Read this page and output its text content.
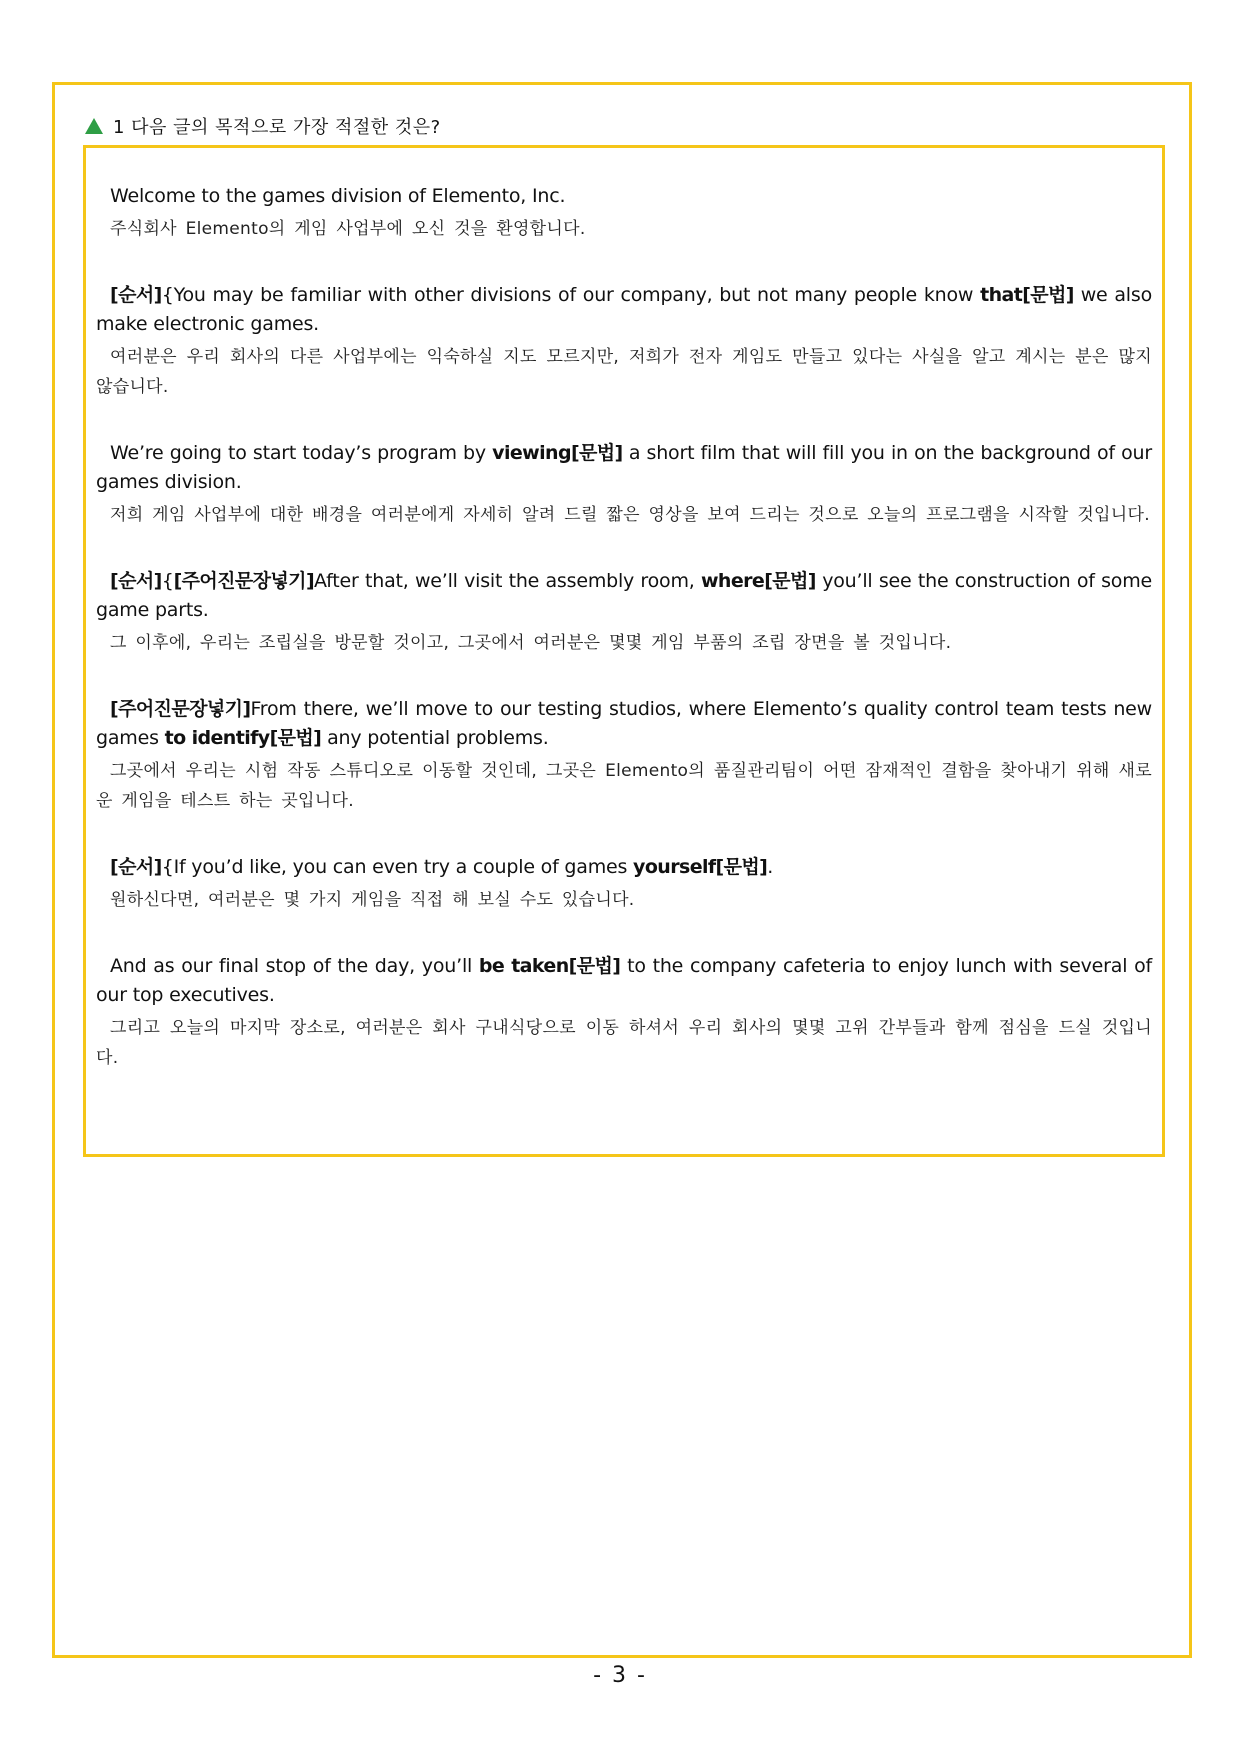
1 다음 글의 목적으로 가장 적절한 것은?

Welcome to the games division of Elemento, Inc.

주식회사 Elemento의 게임 사업부에 오신 것을 환영합니다.

[순서]{You may be familiar with other divisions of our company, but not many people know that[문법] we also make electronic games.

여러분은 우리 회사의 다른 사업부에는 익숙하실 지도 모르지만, 저희가 전자 게임도 만들고 있다는 사실을 알고 계시는 분은 많지 않습니다.

We’re going to start today’s program by viewing[문법] a short film that will fill you in on the background of our games division.

저희 게임 사업부에 대한 배경을 여러분에게 자세히 알려 드릴 짧은 영상을 보여 드리는 것으로 오늘의 프로그램을 시작할 것입니다.

[순서]{[주어진문장넣기]After that, we’ll visit the assembly room, where[문법] you’ll see the construction of some game parts.

그 이후에, 우리는 조립실을 방문할 것이고, 그곳에서 여러분은 몇몇 게임 부품의 조립 장면을 볼 것입니다.

[주어진문장넣기]From there, we’ll move to our testing studios, where Elemento’s quality control team tests new games to identify[문법] any potential problems.

그곳에서 우리는 시험 작동 스튜디오로 이동할 것인데, 그곳은 Elemento의 품질관리팀이 어떤 잠재적인 결함을 찾아내기 위해 새로운 게임을 테스트 하는 곳입니다.

[순서]{If you’d like, you can even try a couple of games yourself[문법].

원하신다면, 여러분은 몇 가지 게임을 직접 해 보실 수도 있습니다.

And as our final stop of the day, you’ll be taken[문법] to the company cafeteria to enjoy lunch with several of our top executives.

그리고 오늘의 마지막 장소로, 여러분은 회사 구내식당으로 이동 하셔서 우리 회사의 몇몇 고위 간부들과 함께 점심을 드실 것입니다.

- 3 -
